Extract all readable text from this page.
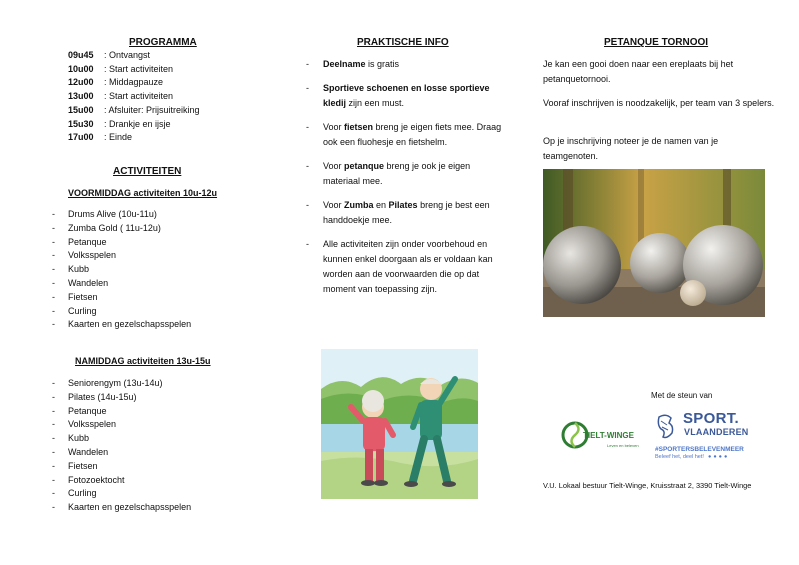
PROGRAMMA
09u45 : Ontvangst
10u00 : Start activiteiten
12u00 : Middagpauze
13u00 : Start activiteiten
15u00 : Afsluiter: Prijsuitreiking
15u30 : Drankje en ijsje
17u00 : Einde
ACTIVITEITEN
VOORMIDDAG activiteiten 10u-12u
- Drums Alive (10u-11u)
- Zumba Gold ( 11u-12u)
- Petanque
- Volksspelen
- Kubb
- Wandelen
- Fietsen
- Curling
- Kaarten en gezelschapsspelen
NAMIDDAG activiteiten 13u-15u
- Seniorengym (13u-14u)
- Pilates (14u-15u)
- Petanque
- Volksspelen
- Kubb
- Wandelen
- Fietsen
- Fotozoektocht
- Curling
- Kaarten en gezelschapsspelen
PRAKTISCHE INFO
- Deelname is gratis
- Sportieve schoenen en losse sportieve kledij zijn een must.
- Voor fietsen breng je eigen fiets mee. Draag ook een fluohesje en fietshelm.
- Voor petanque breng je ook je eigen materiaal mee.
- Voor Zumba en Pilates breng je best een handdoekje mee.
- Alle activiteiten zijn onder voorbehoud en kunnen enkel doorgaan als er voldaan kan worden aan de voorwaarden die op dat moment van toepassing zijn.
PETANQUE TORNOOI

Je kan een gooi doen naar een ereplaats bij het petanquetornooi.

Vooraf inschrijven is noodzakelijk, per team van 3 spelers.

Op je inschrijving noteer je de namen van je teamgenoten.

Met de steun van
TIELT-WINGE
Leven en beleven
SPORT.
VLAANDEREN
#SPORTERSBELEVENMEER
Beleef het, deel het! ●●●●
V.U. Lokaal bestuur Tielt-Winge, Kruisstraat 2, 3390 Tielt-Winge
